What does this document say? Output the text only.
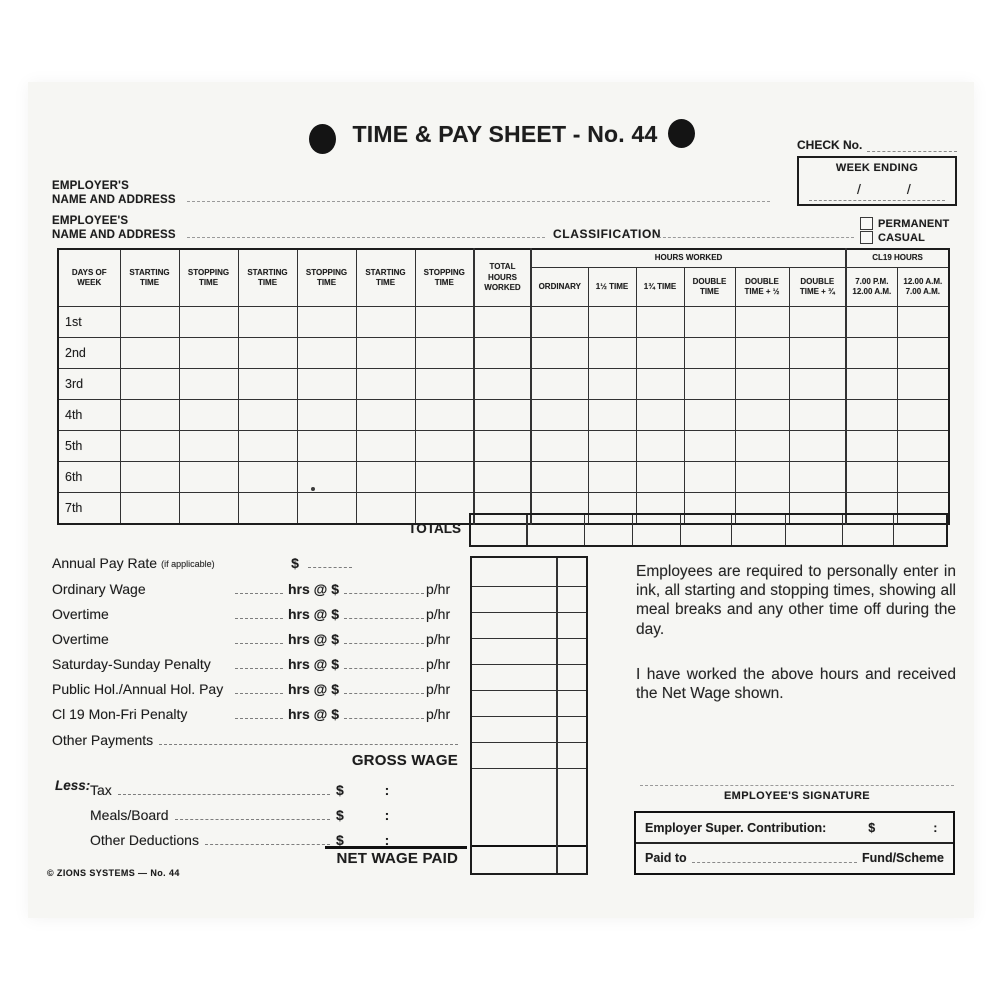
TIME & PAY SHEET - No. 44	CHECK No.
WEEK ENDING
/	/
EMPLOYER'S
NAME AND ADDRESS
EMPLOYEE'S
NAME AND ADDRESS	CLASSIFICATION
PERMANENT
CASUAL
DAYS OF WEEK	STARTING TIME	STOPPING TIME	STARTING TIME	STOPPING TIME	STARTING TIME	STOPPING TIME	TOTAL HOURS WORKED	HOURS WORKED						CL19 HOURS	
								ORDINARY	1½ TIME	1¾ TIME	DOUBLE TIME	DOUBLE TIME + ½	DOUBLE TIME + ¾	7.00 P.M. 12.00 A.M.	12.00 A.M. 7.00 A.M.
1st															
2nd															
3rd															
4th															
5th															
6th															
7th															
TOTALS
Annual Pay Rate (if applicable)	$
Ordinary Wage	hrs @ $	p/hr
Overtime	hrs @ $	p/hr
Overtime	hrs @ $	p/hr
Saturday-Sunday Penalty	hrs @ $	p/hr
Public Hol./Annual Hol. Pay	hrs @ $	p/hr
Cl 19 Mon-Fri Penalty	hrs @ $	p/hr
Other Payments
GROSS WAGE
Less: Tax	$	:
Meals/Board	$	:
Other Deductions	$	:
NET WAGE PAID
© ZIONS SYSTEMS — No. 44
Employees are required to personally enter in ink, all starting and stopping times, showing all meal breaks and any other time off during the day.
I have worked the above hours and received the Net Wage shown.
EMPLOYEE'S SIGNATURE
Employer Super. Contribution:	$	:
Paid to	Fund/Scheme
